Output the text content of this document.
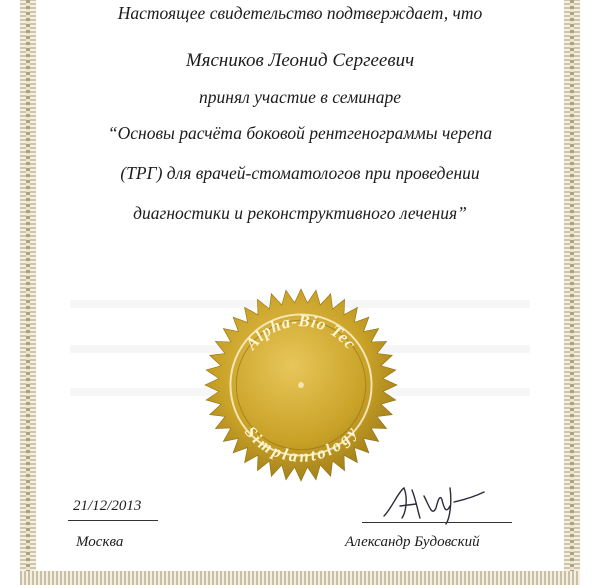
Настоящее свидетельство подтверждает, что
Мясников Леонид Сергеевич
принял участие в семинаре
“Основы расчёта боковой рентгенограммы черепа
(ТРГ) для врачей-стоматологов при проведении
диагностики и реконструктивного лечения”
Alpha-Bio Tec
Simplantology
21/12/2013
Москва	Александр Будовский
